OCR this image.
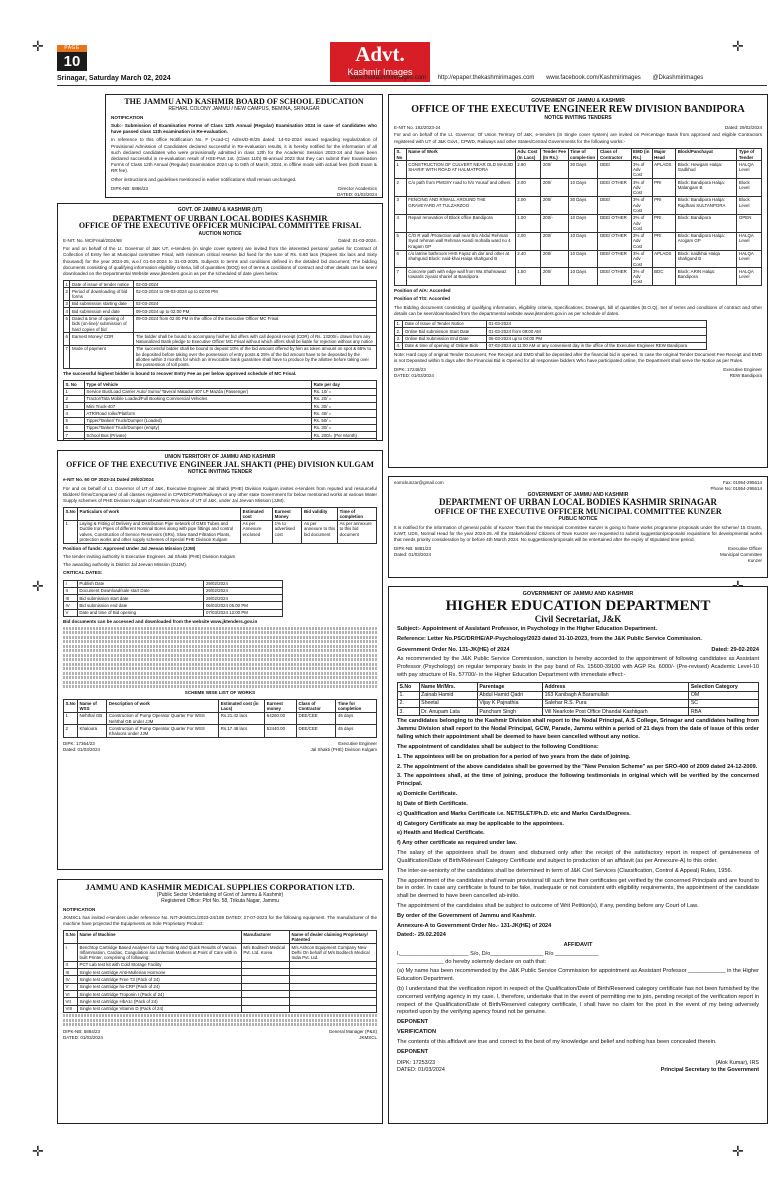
✛	✛
✛
✛	✛
PAGE
10	Advt.
Kashmir Images
Srinagar, Saturday March 02, 2024	www.thekashmirimages.com http://epaper.thekashmirimages.com www.facebook.com/Kashmirimages @Dkashmirimages
THE JAMMU AND KASHMIR BOARD OF SCHOOL EDUCATION
REHARL COLONY JAMMU / NEW CAMPUS, BEMINA, SRINAGAR
NOTIFICATION
Sub:- Submission of Examination Forms of Class 12th Annual (Regular) Examination 2024 in case of candidates who have passed class 11th examination in Re-evaluation.
In reference to this office Notification No. F (Acad-C) Adms/D-III/25 dated: 14-02-2024 issued regarding regularization of Provisional Admission of Candidates declared successful in Re-evaluation results, it is hereby notified for the information of all such declared candidates who were provisionally admitted in class 12th for the Academic Session 2023-24 and have been declared successful in re-evaluation result of HSE-Part 1st. (Class 11th) Bi-annual 2023 that they can submit their Examination Forms of Class 12th Annual (Regular) Examination 2024 up to 04th of March, 2024, in offline mode with actual fees (both Exam & RR fee).
Other instructions and guidelines mentioned in earlier notifications shall remain unchanged.
DIPK-NB: 5886/23	Director Academics
DATED: 01/02/2024
GOVT. OF JAMMU & KASHMIR (UT)
DEPARTMENT OF URBAN LOCAL BODIES KASHMIR
OFFICE OF THE EXECUTIVE OFFICER MUNICIPAL COMMITTEE FRISAL
AUCTION NOTICE
E-NIT. No. MC/Frisal/2024/68	Dated: 01-03-2024.
For and on behalf of the Lt. Governor of J&K UT, e-tenders (in single cover system) are invited from the interested persons/ parties for Contract of Collection of Entry fee at Municipal committee Frisal, with minimum critical reserve bid fixed for the tune of Rs. 6.60 lacs (Rupees Six lacs and Sixty thousand) for the year 2024-25, w.e.f 01-04-2024 to 31-03-2025. Subjects to terms and conditions defined in the detailed bid document; The bidding documents consisting of qualifying information eligibility criteria, bill of quantities (BOQ) set of terms & conditions of contract and other details can be seen/ downloaded on the Departmental Website www.jktenders.gov.in as per the scheduled of date given below:
1	Date of issue of tender notice	02-03-2024
2	Period of downloading of bid forms	02-03-2024 to 09-03-2024 up to 02:00 PM
3	Bid submission starting date	02-03-2024
4	Bid submission end date	09-03-2024 up to 02:00 PM
5	Dated & time of opening of bids (on-line)/ submission of hard copies of bid	09-03-2024 from 02:00 PM in the office of the Executive Officer MC Frisal
6	Earnest Money/ CDR	The bidder shall be bound to accompany his/her bid offers with call deposit receipt (CDR) of Rs. 13200/= drawn from any Nationalized Bank pledge to Executive Officer MC Frisal without which offers shall be liable for rejection without any notice
7	Mode of payment	The successful bidder shall be bound to deposit 10% of the bid amount offered by him as token amount on spot & 65% to be deposited before taking over the possession of entry posts & 25% of the bid amount have to be deposited by the allottee within 3 months for which an irrevocable bank guarantee shall have to produce by the allottee before taking over the possession of toll posts.
The successful highest bidder is bound to recover Entry Fee as per below approved schedule of MC Frisal.
S. No	Type of Vehicle	Rate per day
1	Service Bus/Load Carrier Auto/ Sumo/ Tavera/ Matador 407 LP Mazda (Passenger)	Rs. 10/ =
2	Tractor/Tata Mobile Loaded/Full Booking Commercial Vehicles	Rs. 20/ =
3	Mini Truck-407	Rs. 30/ =
4	ATR/Road roller/Platform	Rs. 40/ =
5	Tipper/Tanker/ Truck/Dumper (Loaded)	Rs. 50/ =
6	Tipper/Tanker/ Truck/Dumper (empty)	Rs. 30/ =
7	School Bus (Private)	Rs. 200/= (Per Month)

UNION TERRITORY OF JAMMU AND KASHMIR
OFFICE OF THE EXECUTIVE ENGINEER JAL SHAKTI (PHE) DIVISION KULGAM
NOTICE INVITING TENDER
e-NIT No. 60 OF 2023-24 Dated 29/02/2024
For and on behalf of Lt. Governor of UT of J&K, Executive Engineer Jal Shakti (PHE) Division Kulgam invites e-tenders from reputed and resourceful Bidders/ firms/Companies/ of all classes registered in CPWD/CPWD/Railways or any other state Government for below mentioned works at various Water Supply schemes of PHE Division Kulgam of Kashmir Province of UT of J&K, under Jal Jeevan Mission (JJM).
S.No	Particulars of work	Estimated cost	Earnest Money	Bid validity	Time of completion
1	Laying & Fitting of Delivery and Distribution Pipe network of GMS Tubes and Ductile Iron Pipes of different Nominal Bores along with pipe fittings and control valves, Construction of Service Reservoirs (SRs), Slow Sand Filtration Plants, protection works and other supply schemes of Special PHE Division Kulgam	As per Annexure enclosed	1% to advertised cost	As per annexure to this bid document	As per annexure to this bid document
Position of funds: Approved Under Jal Jeevan Mission (JJM)
The tender inviting authority is Executive Engineer, Jal Shakti (PHE) Division Kulgam
The awarding authority is District Jal Jeevan Mission (DJJM).
CRITICAL DATES:
I	Publish Date	29/02/2024
II	Document Download/sale start Date	29/02/2024
III	Bid submission start date	29/02/2024
IV	Bid submission end date	06/03/2024 05.00 PM
V	Date and time of Bid opening	07/03/2024 12:00 PM
Bid documents can be accessed and downloaded from the website www.jktenders.gov.in
SCHEME WISE LIST OF WORKS
S.No	Name of WSS	Description of work	Estimated cost (in Lacs)	Earnest money	Class of Contractor	Time for completion
1	Nehthal GB	Construction of Pump Operator Quarter For WSS Nehthal GB under JJM	Rs.21.42 lacs	64260.00	DEE/CEE	45 days
2	Khaloora	Construction of Pump Operator Quarter For WSS Khaloora under JJM	Rs.17.48 lacs	52440.00	DEE/CEE	45 days
DIPK: 17364/23
Dated: 01/03/2024
Executive Engineer
Jal Shakti (PHE) Division Kulgam
JAMMU AND KASHMIR MEDICAL SUPPLIES CORPORATION LTD.
(Public Sector Undertaking of Govt of Jammu & Kashmir)
Registered Office: Plot No. 58, Trikuta Nagar, Jammu
NOTIFICATION
JKMSCL has invited e-tenders under reference No. NIT-JKMSCL/2023-24/169 DATED: 27-07-2023 for the following equipment. The manufacturer of the machine have projected the Equipments as Sole Proprietary Product:
S.No	Name of Machine	Manufacturer	Name of dealer claiming Proprietary/ Patented
I	Benchtop Cartridge Based Analyser for Lap Testing and Quick Results of Various Inflammation, Cardiac, Coagulation and Infection Markers at Point of Care with in built Printer, comprising of following:	M/s Boditech Medical Pvt. Ltd. Korea	M/s Ashcon Equipment Company New Delhi On behalf of M/s Boditech Medical India Pvt. Ltd.
II	PCT Lab test kit with Cold Storage Facility		
III	Single test cartridge Anti-Mullerian Hormone		
IV	Single test cartridge Free T3 (Pack of 24)		
V	Single test cartridge hs-CRP (Pack of 24)		
VI	Single test cartridge Troponin I (Pack of 24)		
VII	Single test cartridge HbA1c (Pack of 24)		
VIII	Single test cartridge Vitamin D (Pack of 24)		
DIPK-NB: 5884/23
DATED: 01/03/2024
General Manager (P&S)
JKMSCL
GOVERNMENT OF JAMMU & KASHMIR
OFFICE OF THE EXECUTIVE ENGINEER REW DIVISION BANDIPORA
NOTICE INVITING TENDERS
E-NIT No. 182/2023-24	Dated: 29/02/2024
For and on behalf of the Lt. Governor, Of Union Territory Of J&K, e-tenders (In Single cover system) are invited on Percentage Basis from approved and eligible Contractors registered with UT of J&K Govt., CPWD, Railways and other States/Central Governments for the following works:-
S. No	Name of Work	Adv. Cost (In Lacs)	Tender Fee (In Rs.)	Time of comple-tion	Class of Contractor	EMD (in Rs.)	Major Head	Block/Panchayat	Type of Tender
1	CONSTRUCTION OF CULVERT NEAR OLD MASJID SHARIF WITH ROAD AT HALMATPORA	2.90	200/	30 Days	DEE/	3% of Adv Cost	APLADS	Block: Hewgam Halqa: Gadkhud	HALQA Level
2	C/o path from PMGSY road to h/o Yousuf and others	2.00	200/	10 Days	DEE/ OTHER	3% of Adv Cost	PRI	Block: Bandipora Halqa: Malangam B	Block Level
3	FENCING AND R/WALL AROUND THE GRAVEYARD AT TULZARZOO	2.00	200/	30 Days	DEE/	3% of Adv Cost	PRI	Block: Bandipora Halqa: Rajdhani SULTANPORA	Block Level
4	Repair renovation of Block office Bandipora	1.00	200/-	10 Days	DEE/ OTHER	3% of Adv Cost	PRI	Block: Bandipora	OPEN
5	C/O R wall /Protection wall near B/o Abdul Rehman Syed rehman wall Rehman Kandi mohalla ward no 4 Kragam GP	2.00	200/	10 Days	DEE/ OTHER	3% of Adv Cost	PRI	Block: Bandipora Halqa: Arogam GP	HALQA Level
6	c/o latrine bathroom HHS Fayaz ah dar and other at shahgund Block: naid-khai Halqa shahgund B	2.40	200/	10 Days	DEE/ OTHER	3% of Adv Cost	APLADS	Block: naidkhai Halqa shahgund B	HALQA Level
7	Concrete path with edge wall from Wa Shahnawaz towards ziyarat sharief at Bandipora	1.50	200/	10 Days	DEE/ OTHER	3% of Adv Cost	BDC	Block: ARIN Halqa: Bandipora	HALQA Level
Position of A/A: Accorded
Position of T/S: Accorded
The Bidding documents consisting of qualifying information, eligibility criteria, Specifications, Drawings, bill of quantities (B.O.Q), Set of terms and conditions of contract and other details can be seen/downloaded from the departmental website www.jktenders.gov.in as per schedule of dates.
1.	Date of Issue of Tender Notice	01-03-2024
2.	Online Bid submission Start Date	01-03-2024 from 09:00 AM
3.	Online Bid Submission End Date	06-03-2024 up to 04:00 PM
4.	Date & time of opening of Online Bids	07-03-2024 at 11:00 AM or any convenient day in the office of the Executive Engineer REW Bandipora
Note: Hard copy of original Tender Document, Fee Receipt and EMD shall be deposited after the financial bid is opened. In case the original Tender Document Fee Receipt and EMD is not Deposited within 5 days after the Financial Bid is Opened for all responsive bidders Who have participated online, the Department shall serve the Notice as per Rules.
DIPK: 17248/23
DATED: 01/03/2024
Executive Engineer
REW Bandipora
eomckunzar@gmail.com	Fax: 01954-295614
Phone No: 01954-295614
GOVERNMENT OF JAMMU AND KASHMIR
DEPARTMENT OF URBAN LOCAL BODIES KASHMIR SRINAGAR
OFFICE OF THE EXECUTIVE OFFICER MUNICIPAL COMMITTEE KUNZER
PUBLIC NOTICE
It is notified for the information of general public of Kunzer Town that the Municipal Committee Kunzer is going to frame works programme proposals under the scheme/ 15 Grants, IUWT, UDS, Normal Head for the year 2024-25. All the Stakeholders/ Citizens of Town Kunzer are requested to submit suggestion/proposals/ requisitions for developmental works that needs priority consideration by or before 4th March 2024. No suggestions/proposals will be entertained after the expiry of stipulated time period.
DIPK-NB: 5881/23
Dated: 01/03/2024
Executive Officer
Municipal Committee
Kunzer
GOVERNMENT OF JAMMU AND KASHMIR
HIGHER EDUCATION DEPARTMENT
Civil Secretariat, J&K
Subject:- Appointment of Assistant Professor, in Psychology in the Higher Education Department.
Reference: Letter No.PSC/DR/HE/AP-Psychology/2023 dated 31-10-2023, from the J&K Public Service Commission.
Government Order No. 131-JK(HE) of 2024	Dated: 29-02-2024
As recommended by the J&K Public Service Commission, sanction is hereby accorded to the appointment of following candidates as Assistant Professor (Psychology) on regular temporary basis in the pay band of Rs. 15600-39100 with AGP Rs. 6000/- (Pre-revised) Academic Level-10 with pay structure of Rs. 57700/- in the Higher Education Department with immediate effect:-
S.No	Name Mr/Mrs.	Parentage	Address	Selection Category
1.	Zainab Hamid	Abdul Hamid Qadri	163 Kanibagh A Baramullah	OM
2.	Sheetal	Vijay K Pajnathia	Salehar R.S. Pura	SC
3.	Dr. Anupam Lata	Pancham Singh	Vill Nearkote Post Office Dhandal Kashtigarh	RBA
The candidates belonging to the Kashmir Division shall report to the Nodal Principal, A.S College, Srinagar and candidates hailing from Jammu Division shall report to the Nodal Principal, GCW, Parade, Jammu within a period of 21 days from the date of issue of this order failing which their appointment shall be deemed to have been cancelled without any notice.
The appointment of candidates shall be subject to the following Conditions:
1. The appointees will be on probation for a period of two years from the date of joining.
2. The appointment of the above candidates shall be governed by the "New Pension Scheme" as per SRO-400 of 2009 dated 24-12-2009.
3. The appointees shall, at the time of joining, produce the following testimonials in original which will be verified by the concerned Principal.
a) Domicile Certificate.
b) Date of Birth Certificate.
c) Qualification and Marks Certificate i.e. NET/SLET/Ph.D. etc and Marks Cards/Degrees.
d) Category Certificate as may be applicable to the appointees.
e) Health and Medical Certificate.
f) Any other certificate as required under law.
The salary of the appointees shall be drawn and disbursed only after the receipt of the satisfactory report in respect of genuineness of Qualification/Date of Birth/Relevant Category Certificate and subject to production of an affidavit (as per Annexure-A) to this order.
The inter-se-seniority of the candidates shall be determined in term of J&K Civil Services (Classification, Control & Appeal) Rules, 1956.
The appointment of the candidates shall remain provisional till such time their certificates get verified by the concerned Principals and are found to be in order. In case any certificate is found to be fake, inadequate or not consistent with eligibility requirements, the appointment of the candidate shall be deemed to have been cancelled ab-initio.
The appointment of the candidates shall be subject to outcome of Writ Petition(s), if any, pending before any Court of Law.
By order of the Government of Jammu and Kashmir.
Annexure-A to Government Order No.- 131-JK(HE) of 2024
Dated:- 29.02.2024
AFFIDAVIT
I,______________________ S/o, D/o_________________ R/o ______________
_______________ do hereby solemnly declare on oath that:
(a) My name has been recommended by the J&K Public Service Commission for appointment as Assistant Professor ____________ in the Higher Education Department.
(b) I understand that the verification report in respect of the Qualification/Date of Birth/Reserved category certificate has not been furnished by the concerned verifying agency in my case. I, therefore, undertake that in the event of permitting me to join, pending receipt of the verification report in respect of the Qualification/Date of Birth/Reserved category certificate, I shall have no claim for the post in the event of my being adversely reported upon by the verifying agency found not be genuine.
DEPONENT
VERIFICATION
The contents of this affidavit are true and correct to the best of my knowledge and belief and nothing has been concealed therein.
DEPONENT
DIPK: 17253/23
DATED: 01/03/2024
(Alok Kumar), IRS
Principal Secretary to the Government
